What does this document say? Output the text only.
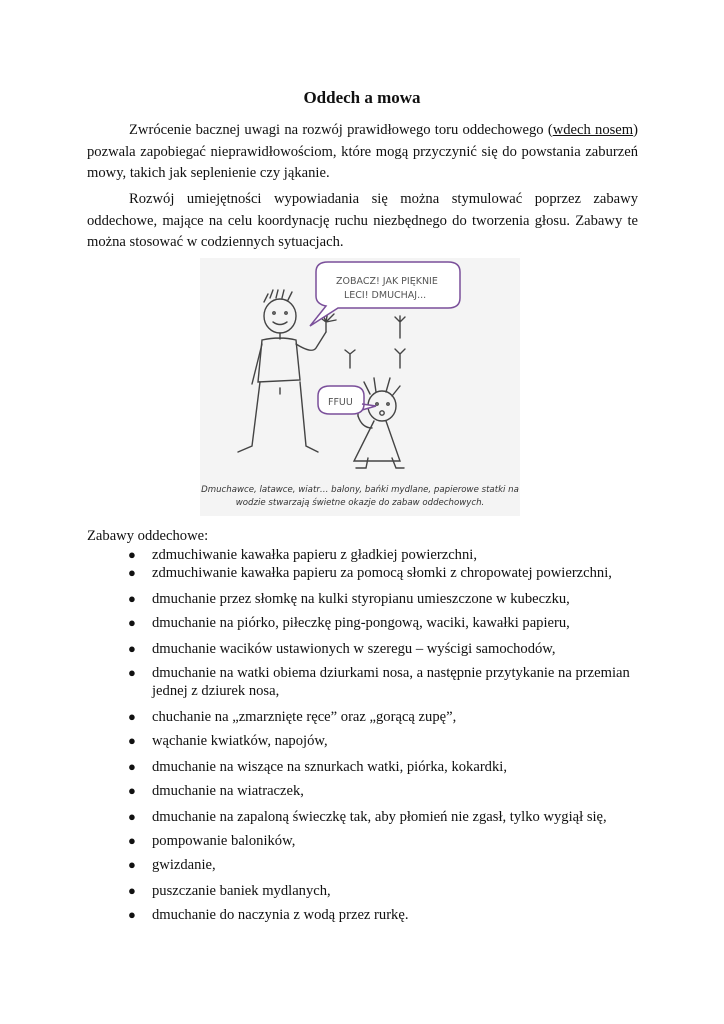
Oddech a mowa

Zwrócenie bacznej uwagi na rozwój prawidłowego toru oddechowego (wdech nosem) pozwala zapobiegać nieprawidłowościom, które mogą przyczynić się do powstania zaburzeń mowy, takich jak seplenienie czy jąkanie.

Rozwój umiejętności wypowiadania się można stymulować poprzez zabawy oddechowe, mające na celu koordynację ruchu niezbędnego do tworzenia głosu. Zabawy te można stosować w codziennych sytuacjach.

ZOBACZ! JAK PIĘKNIE
LECI! DMUCHAJ...
FFUU
Dmuchawce, latawce, wiatr… balony, bańki mydlane, papierowe statki na
wodzie stwarzają świetne okazje do zabaw oddechowych.
Zabawy oddechowe:
● zdmuchiwanie kawałka papieru z gładkiej powierzchni,
● zdmuchiwanie kawałka papieru za pomocą słomki z chropowatej powierzchni,
● dmuchanie przez słomkę na kulki styropianu umieszczone w kubeczku,
● dmuchanie na piórko, piłeczkę ping-pongową, waciki, kawałki papieru,
● dmuchanie wacików ustawionych w szeregu – wyścigi samochodów,
● dmuchanie na watki obiema dziurkami nosa, a następnie przytykanie na przemian jednej z dziurek nosa,
● chuchanie na „zmarznięte ręce” oraz „gorącą zupę”,
● wąchanie kwiatków, napojów,
● dmuchanie na wiszące na sznurkach watki, piórka, kokardki,
● dmuchanie na wiatraczek,
● dmuchanie na zapaloną świeczkę tak, aby płomień nie zgasł, tylko wygiął się,
● pompowanie baloników,
● gwizdanie,
● puszczanie baniek mydlanych,
● dmuchanie do naczynia z wodą przez rurkę.
